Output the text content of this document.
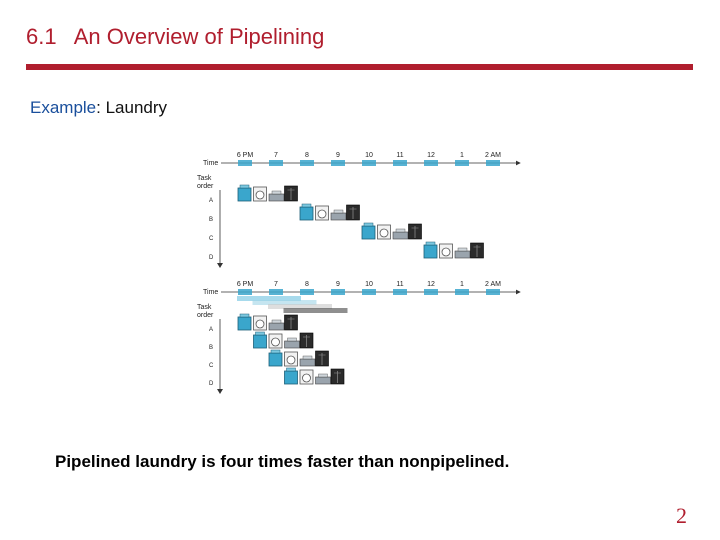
6.1   An Overview of Pipelining
Example: Laundry
6 PM	7	8	9	10	11	12	1	2 AM
Time
Task
order
A
B
C
D
6 PM	7	8	9	10	11	12	1	2 AM
Time
Task
order
A
B
C
D
Pipelined laundry is four times faster than nonpipelined.
2
